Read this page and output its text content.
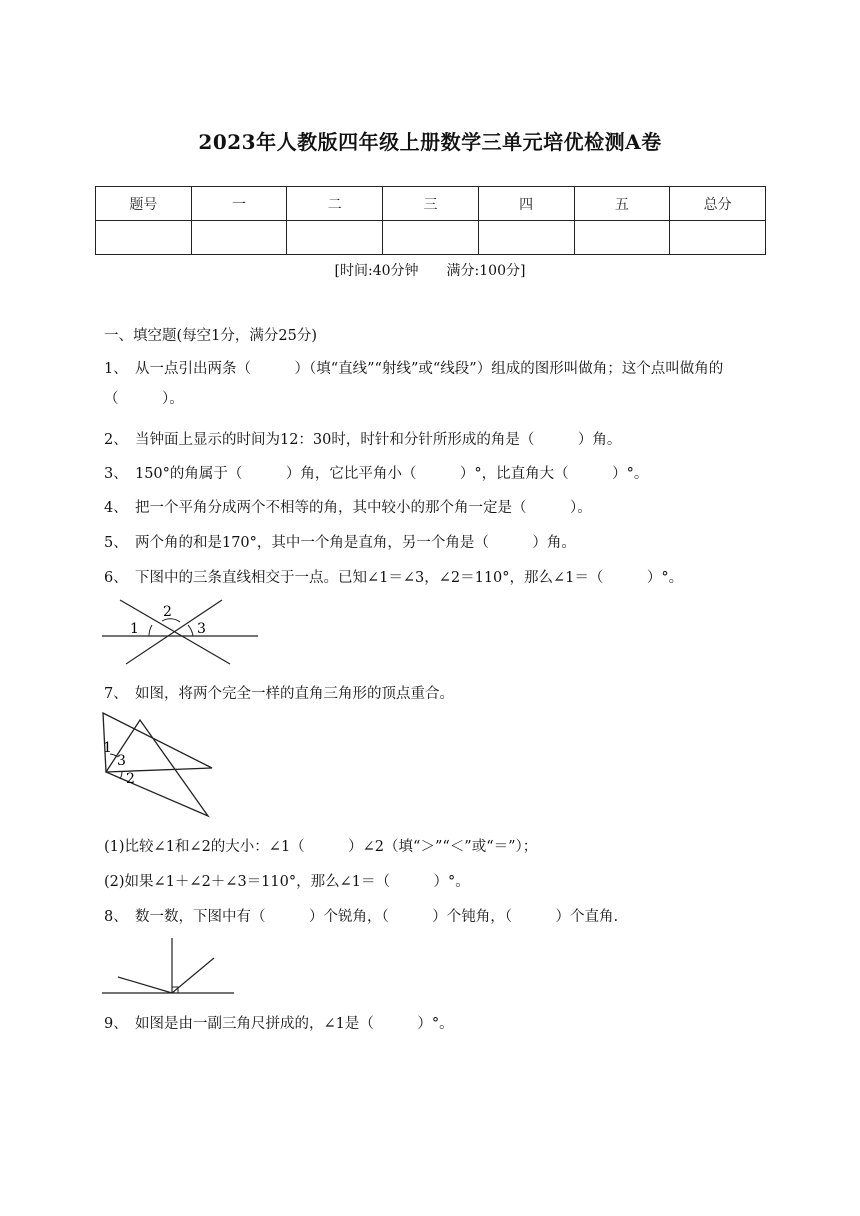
2023年人教版四年级上册数学三单元培优检测A卷
题号	一	二	三	四	五	总分

[时间:40分钟　　满分:100分]
一、填空题(每空1分，满分25分)
1、　从一点引出两条（　　　）（填“直线”“射线”或“线段”）组成的图形叫做角；这个点叫做角的（　　　）。
2、　当钟面上显示的时间为12：30时，时针和分针所形成的角是（　　　）角。
3、　150°的角属于（　　　）角，它比平角小（　　　）°，比直角大（　　　）°。
4、　把一个平角分成两个不相等的角，其中较小的那个角一定是（　　　）。
5、　两个角的和是170°，其中一个角是直角，另一个角是（　　　）角。
6、　下图中的三条直线相交于一点。已知∠1＝∠3，∠2＝110°，那么∠1＝（　　　）°。
1
2
3
7、　如图，将两个完全一样的直角三角形的顶点重合。
1
3
2
(1)比较∠1和∠2的大小：∠1（　　　）∠2（填“＞”“＜”或“＝”）；
(2)如果∠1＋∠2＋∠3＝110°，那么∠1＝（　　　）°。
8、　数一数，下图中有（　　　）个锐角，（　　　）个钝角，（　　　）个直角.
9、　如图是由一副三角尺拼成的，∠1是（　　　）°。
